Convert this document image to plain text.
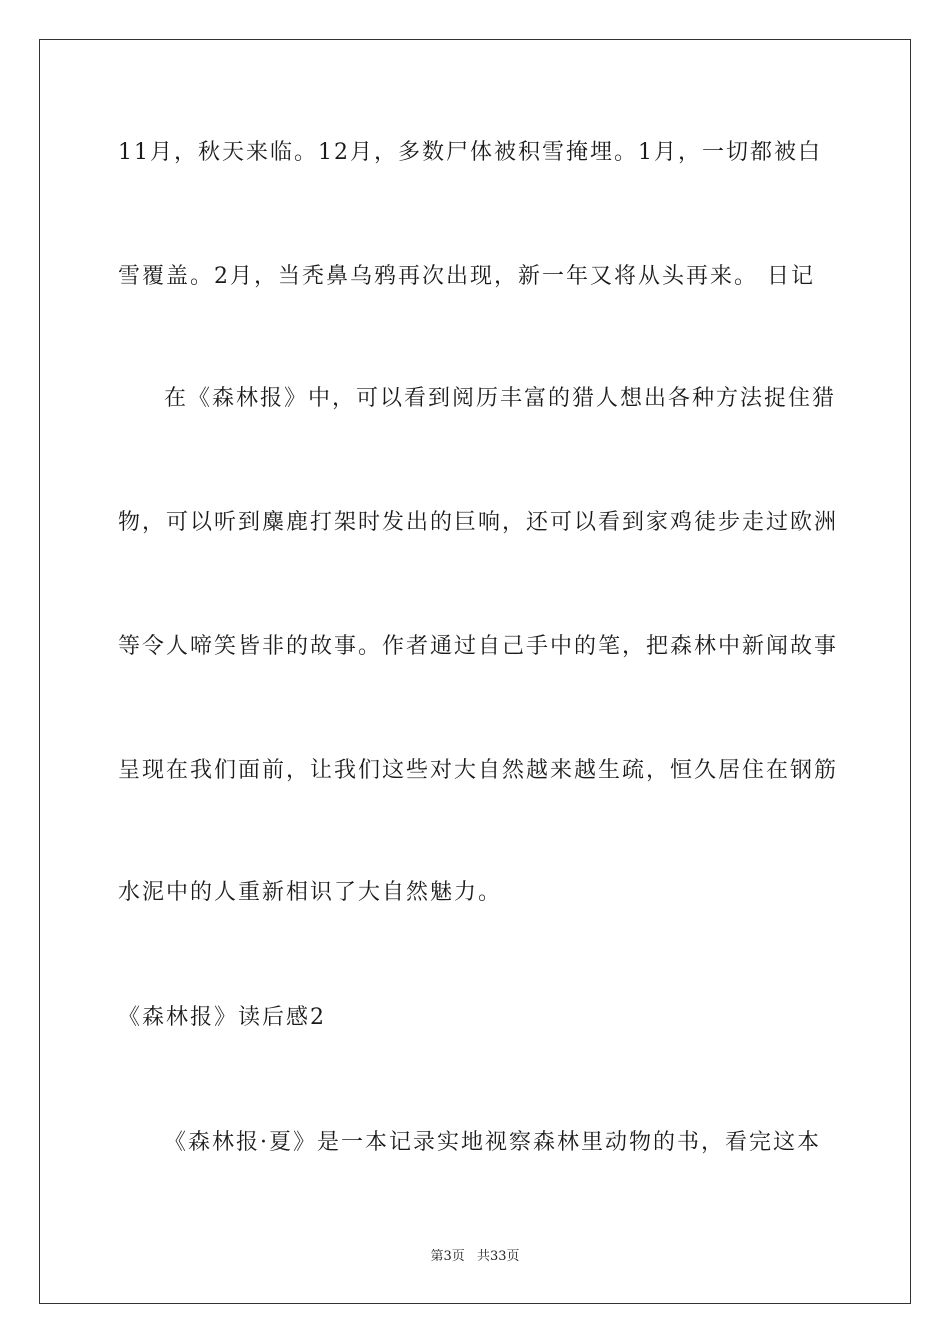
11月，秋天来临。12月，多数尸体被积雪掩埋。1月，一切都被白
雪覆盖。2月，当秃鼻乌鸦再次出现，新一年又将从头再来。 日记
在《森林报》中，可以看到阅历丰富的猎人想出各种方法捉住猎
物，可以听到麋鹿打架时发出的巨响，还可以看到家鸡徒步走过欧洲
等令人啼笑皆非的故事。作者通过自己手中的笔，把森林中新闻故事
呈现在我们面前，让我们这些对大自然越来越生疏，恒久居住在钢筋
水泥中的人重新相识了大自然魅力。
《森林报》读后感2
《森林报·夏》是一本记录实地视察森林里动物的书，看完这本
第3页 共33页
